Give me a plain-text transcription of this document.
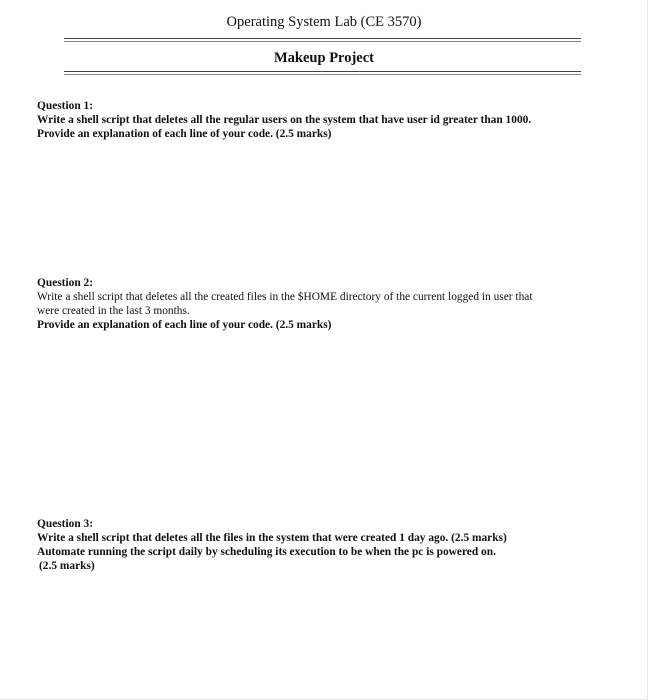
Operating System Lab (CE 3570)
Makeup Project
Question 1:
Write a shell script that deletes all the regular users on the system that have user id greater than 1000.
Provide an explanation of each line of your code. (2.5 marks)
Question 2:
Write a shell script that deletes all the created files in the $HOME directory of the current logged in user that
were created in the last 3 months.
Provide an explanation of each line of your code. (2.5 marks)
Question 3:
Write a shell script that deletes all the files in the system that were created 1 day ago. (2.5 marks)
Automate running the script daily by scheduling its execution to be when the pc is powered on.
(2.5 marks)
